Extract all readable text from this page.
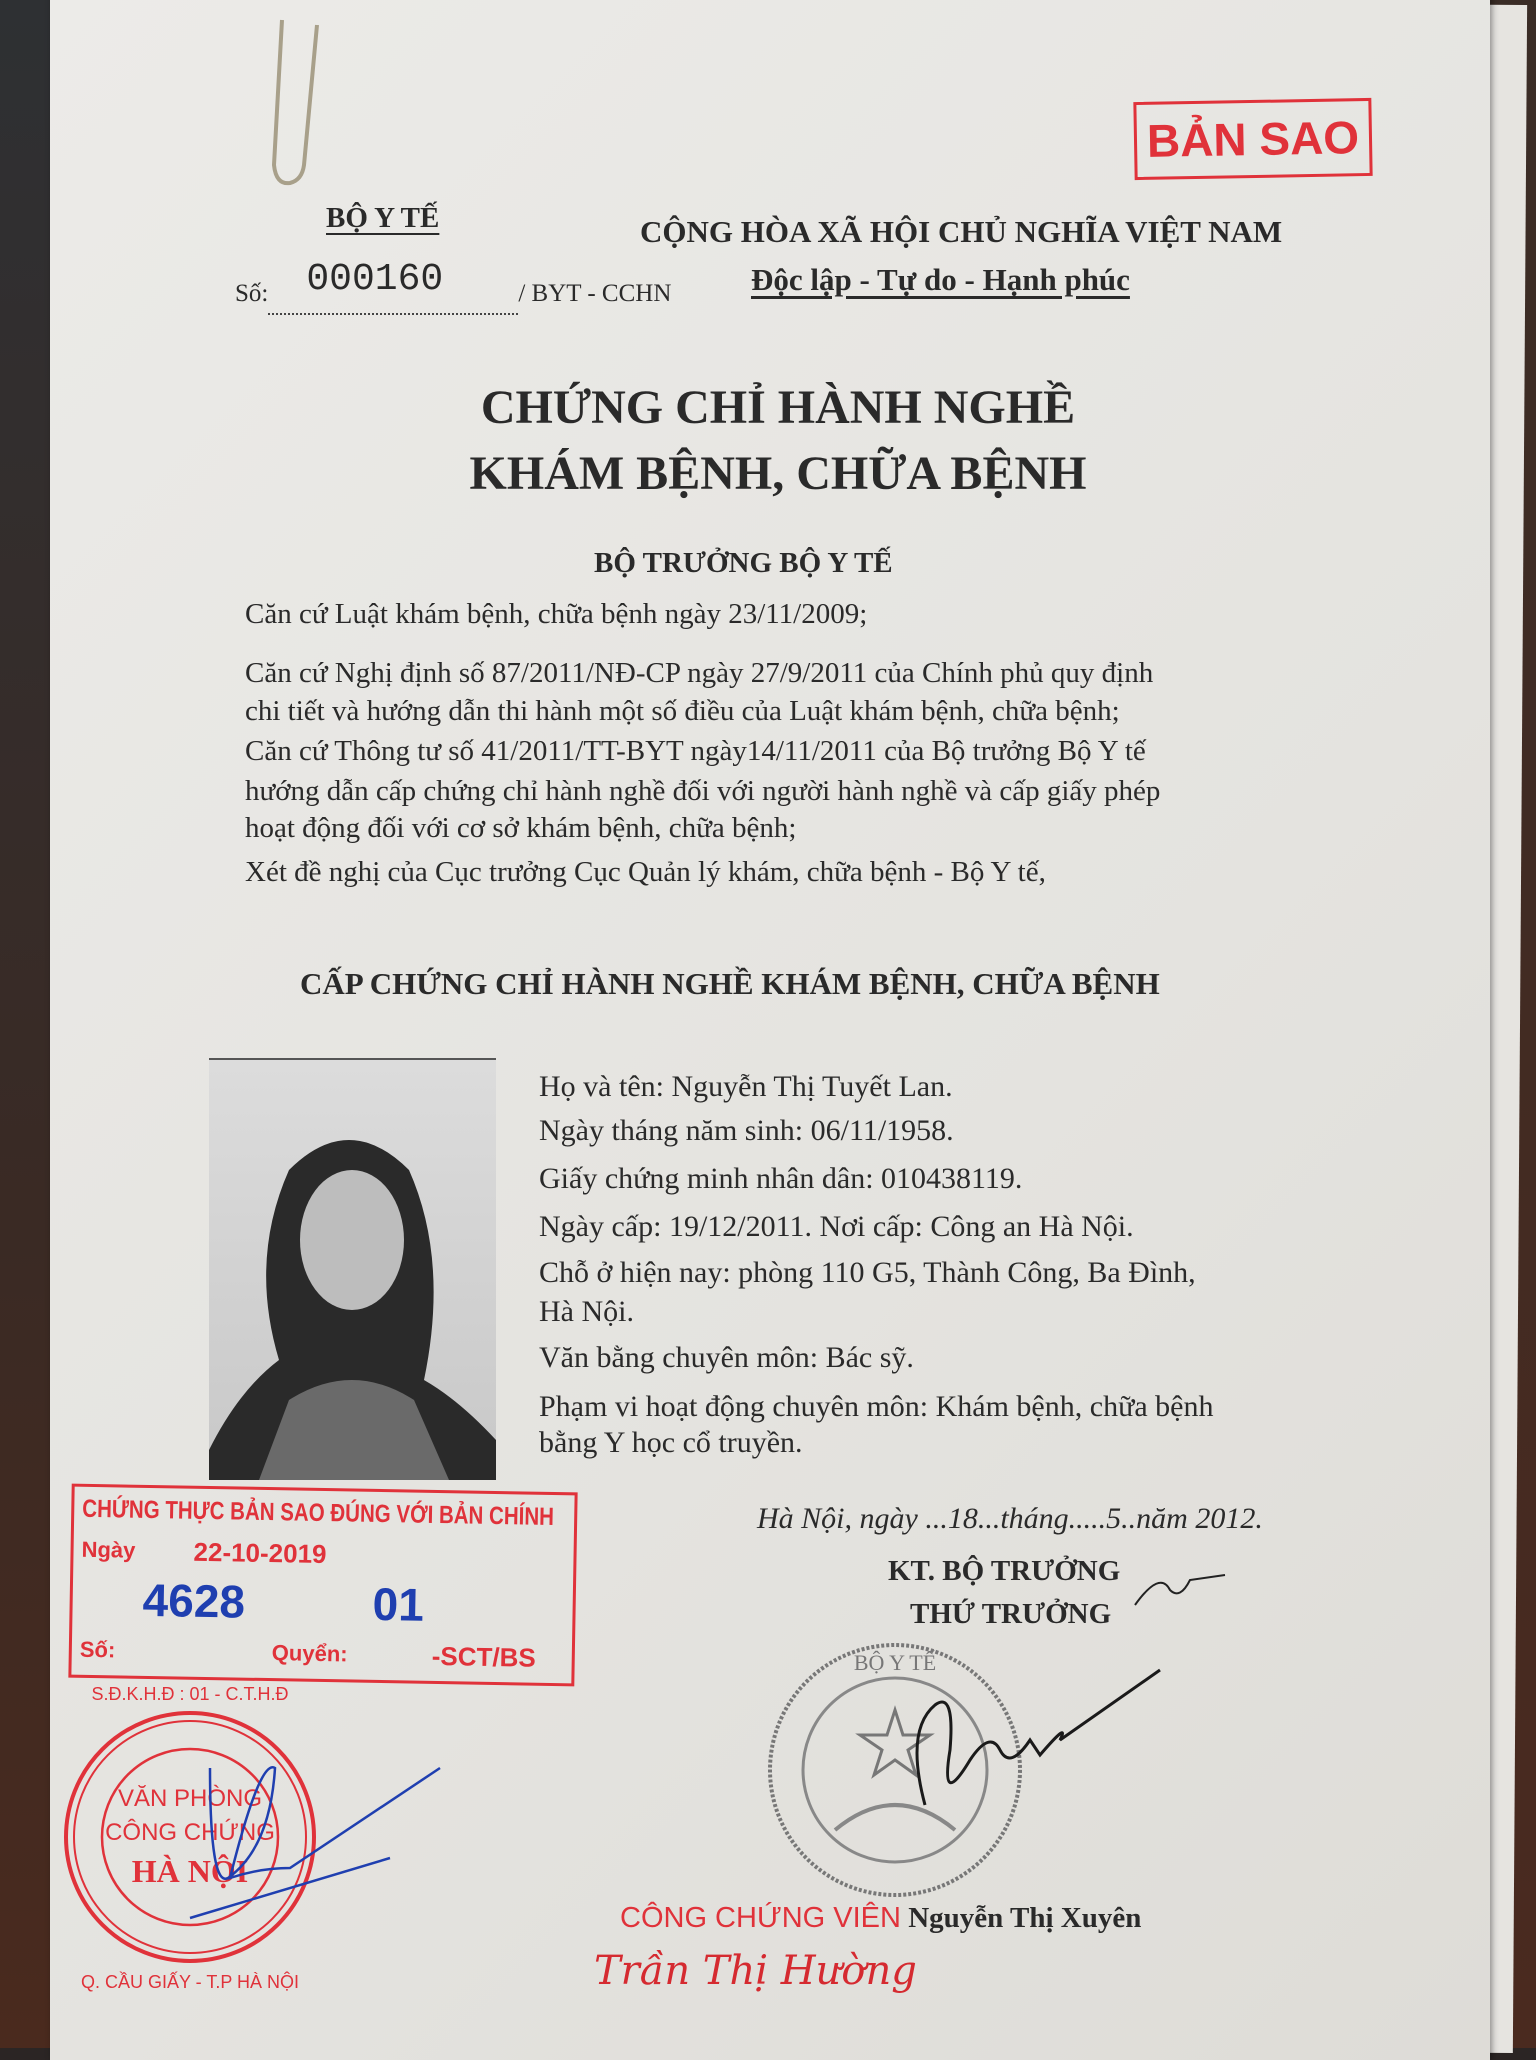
BỘ Y TẾ
Số: 000160	/ BYT - CCHN
CỘNG HÒA XÃ HỘI CHỦ NGHĨA VIỆT NAM
Độc lập - Tự do - Hạnh phúc
BẢN SAO
CHỨNG CHỈ HÀNH NGHỀ
KHÁM BỆNH, CHỮA BỆNH
BỘ TRƯỞNG BỘ Y TẾ
Căn cứ Luật khám bệnh, chữa bệnh ngày 23/11/2009;
Căn cứ Nghị định số 87/2011/NĐ-CP ngày 27/9/2011 của Chính phủ quy định
chi tiết và hướng dẫn thi hành một số điều của Luật khám bệnh, chữa bệnh;
Căn cứ Thông tư số 41/2011/TT-BYT ngày14/11/2011 của Bộ trưởng Bộ Y tế
hướng dẫn cấp chứng chỉ hành nghề đối với người hành nghề và cấp giấy phép
hoạt động đối với cơ sở khám bệnh, chữa bệnh;
Xét đề nghị của Cục trưởng Cục Quản lý khám, chữa bệnh - Bộ Y tế,
CẤP CHỨNG CHỈ HÀNH NGHỀ KHÁM BỆNH, CHỮA BỆNH
Họ và tên: Nguyễn Thị Tuyết Lan.
Ngày tháng năm sinh: 06/11/1958.
Giấy chứng minh nhân dân: 010438119.
Ngày cấp: 19/12/2011. Nơi cấp: Công an Hà Nội.
Chỗ ở hiện nay: phòng 110 G5, Thành Công, Ba Đình,
Hà Nội.
Văn bằng chuyên môn: Bác sỹ.
Phạm vi hoạt động chuyên môn: Khám bệnh, chữa bệnh
bằng Y học cổ truyền.
CHỨNG THỰC BẢN SAO ĐÚNG VỚI BẢN CHÍNH
Ngày 22-10-2019
4628	01
Số:	Quyển:	-SCT/BS
Hà Nội, ngày ...18...tháng.....5..năm 2012.
KT. BỘ TRƯỞNG
THỨ TRƯỞNG
BỘ Y TẾ
S.Đ.K.H.Đ : 01 - C.T.H.Đ
VĂN PHÒNG
CÔNG CHỨNG
HÀ NỘI
Q. CẦU GIẤY - T.P HÀ NỘI
CÔNG CHỨNG VIÊN Nguyễn Thị Xuyên
Trần Thị Hường
